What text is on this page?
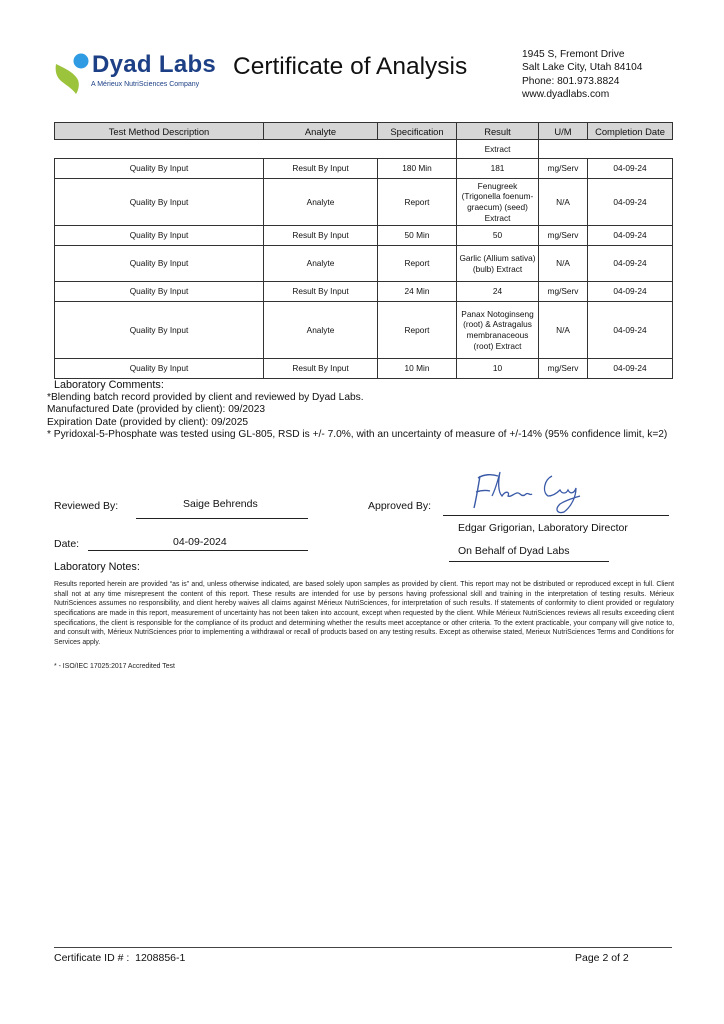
Dyad Labs
A Mérieux NutriSciences Company
Certificate of Analysis	1945 S, Fremont Drive
Salt Lake City, Utah 84104
Phone: 801.973.8824
www.dyadlabs.com
Test Method Description	Analyte	Specification	Result	U/M	Completion Date
			Extract		
Quality By Input	Result By Input	180 Min	181	mg/Serv	04-09-24
Quality By Input	Analyte	Report	Fenugreek (Trigonella foenum-graecum) (seed) Extract	N/A	04-09-24
Quality By Input	Result By Input	50 Min	50	mg/Serv	04-09-24
Quality By Input	Analyte	Report	Garlic (Allium sativa) (bulb) Extract	N/A	04-09-24
Quality By Input	Result By Input	24 Min	24	mg/Serv	04-09-24
Quality By Input	Analyte	Report	Panax Notoginseng (root) & Astragalus membranaceous (root) Extract	N/A	04-09-24
Quality By Input	Result By Input	10 Min	10	mg/Serv	04-09-24
Laboratory Comments:
*Blending batch record provided by client and reviewed by Dyad Labs.
Manufactured Date (provided by client): 09/2023
Expiration Date (provided by client): 09/2025
* Pyridoxal-5-Phosphate was tested using GL-805, RSD is +/- 7.0%, with an uncertainty of measure of +/-14% (95% confidence limit, k=2)
Reviewed By:	Saige Behrends
Date:	04-09-2024
Approved By:
Edgar Grigorian, Laboratory Director
On Behalf of Dyad Labs
Laboratory Notes:
Results reported herein are provided “as is” and, unless otherwise indicated, are based solely upon samples as provided by client. This report may not be distributed or reproduced except in full. Client shall not at any time misrepresent the content of this report. These results are intended for use by persons having professional skill and training in the interpretation of testing results. Mérieux NutriSciences assumes no responsibility, and client hereby waives all claims against Mérieux NutriSciences, for interpretation of such results. If statements of conformity to client provided or regulatory specifications are made in this report, measurement of uncertainty has not been taken into account, except when requested by the client. While Mérieux NutriSciences reviews all results exceeding client specifications, the client is responsible for the compliance of its product and determining whether the results meet acceptance or other criteria. To the extent practicable, your company will give notice to, and consult with, Mérieux NutriSciences prior to implementing a withdrawal or recall of products based on any testing results. Except as otherwise stated, Merieux NutriSciences Terms and Conditions for Services apply.
* - ISO/IEC 17025:2017 Accredited Test
Certificate ID # : 1208856-1	Page 2 of 2
